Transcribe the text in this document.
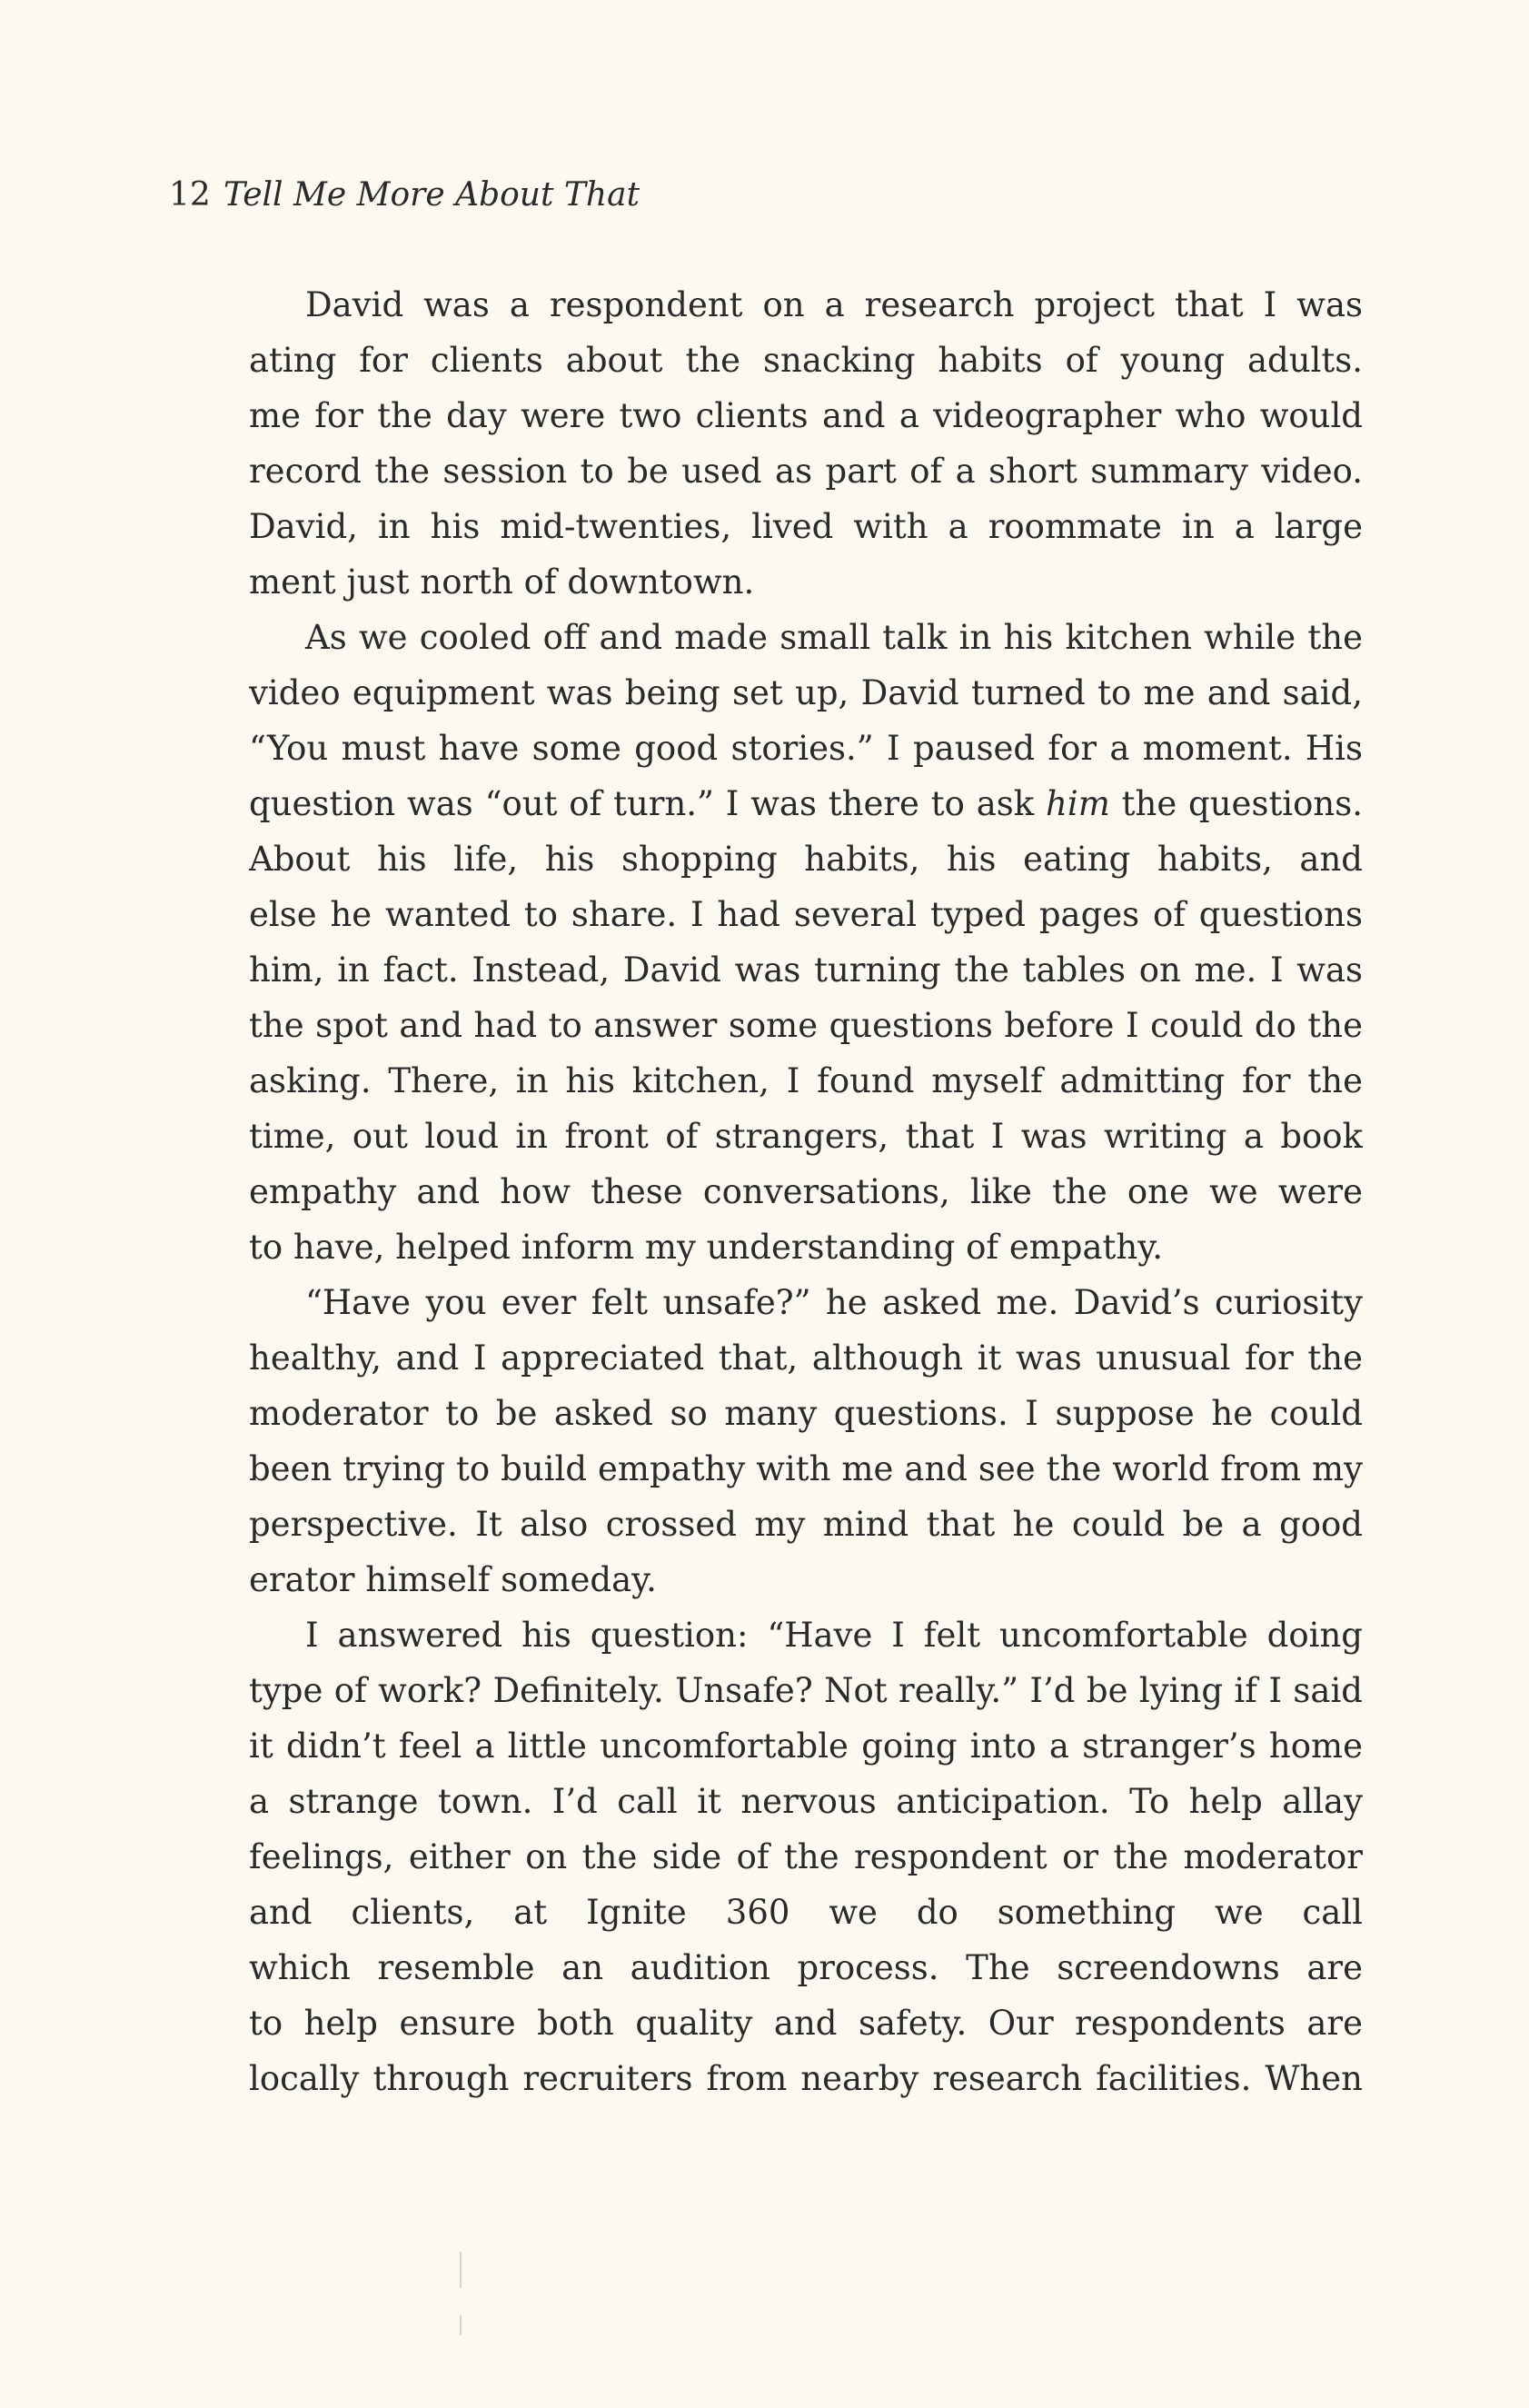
12 Tell Me More About That
David was a respondent on a research project that I was
ating for clients about the snacking habits of young adults.
me for the day were two clients and a videographer who would
record the session to be used as part of a short summary video.
David, in his mid-twenties, lived with a roommate in a large
ment just north of downtown.
As we cooled off and made small talk in his kitchen while the
video equipment was being set up, David turned to me and said,
“You must have some good stories.” I paused for a moment. His
question was “out of turn.” I was there to ask him the questions.
About his life, his shopping habits, his eating habits, and
else he wanted to share. I had several typed pages of questions
him, in fact. Instead, David was turning the tables on me. I was
the spot and had to answer some questions before I could do the
asking. There, in his kitchen, I found myself admitting for the
time, out loud in front of strangers, that I was writing a book
empathy and how these conversations, like the one we were
to have, helped inform my understanding of empathy.
“Have you ever felt unsafe?” he asked me. David’s curiosity
healthy, and I appreciated that, although it was unusual for the
moderator to be asked so many questions. I suppose he could
been trying to build empathy with me and see the world from my
perspective. It also crossed my mind that he could be a good
erator himself someday.
I answered his question: “Have I felt uncomfortable doing
type of work? Definitely. Unsafe? Not really.” I’d be lying if I said
it didn’t feel a little uncomfortable going into a stranger’s home
a strange town. I’d call it nervous anticipation. To help allay
feelings, either on the side of the respondent or the moderator
and clients, at Ignite 360 we do something we call
which resemble an audition process. The screendowns are
to help ensure both quality and safety. Our respondents are
locally through recruiters from nearby research facilities. When
